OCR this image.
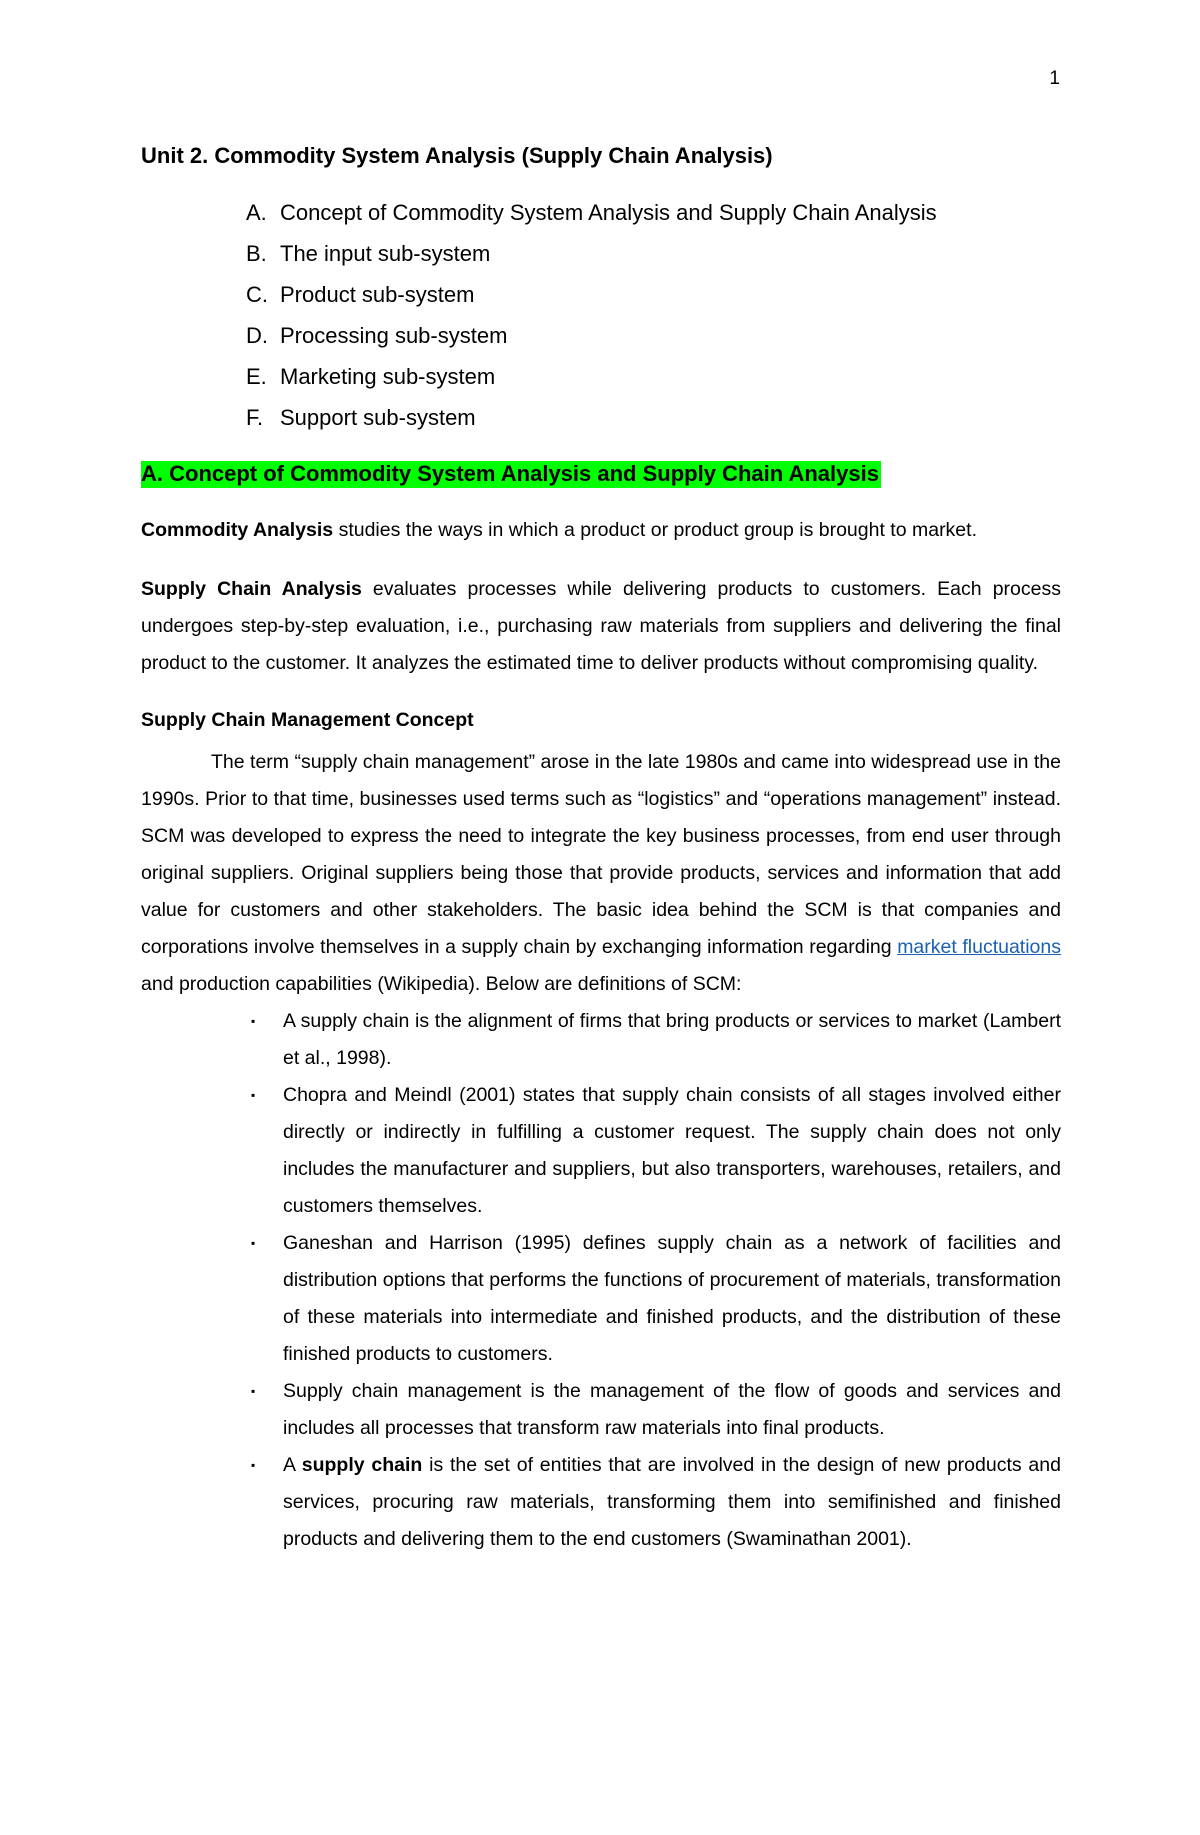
1
Unit 2. Commodity System Analysis (Supply Chain Analysis)
A. Concept of Commodity System Analysis and Supply Chain Analysis
B. The input sub-system
C. Product sub-system
D. Processing sub-system
E. Marketing sub-system
F. Support sub-system
A. Concept of Commodity System Analysis and Supply Chain Analysis

Commodity Analysis studies the ways in which a product or product group is brought to market.

Supply Chain Analysis evaluates processes while delivering products to customers. Each process undergoes step-by-step evaluation, i.e., purchasing raw materials from suppliers and delivering the final product to the customer. It analyzes the estimated time to deliver products without compromising quality.

Supply Chain Management Concept

The term “supply chain management” arose in the late 1980s and came into widespread use in the 1990s. Prior to that time, businesses used terms such as “logistics” and “operations management” instead. SCM was developed to express the need to integrate the key business processes, from end user through original suppliers. Original suppliers being those that provide products, services and information that add value for customers and other stakeholders. The basic idea behind the SCM is that companies and corporations involve themselves in a supply chain by exchanging information regarding market fluctuations and production capabilities (Wikipedia). Below are definitions of SCM:

▪ A supply chain is the alignment of firms that bring products or services to market (Lambert et al., 1998).
▪ Chopra and Meindl (2001) states that supply chain consists of all stages involved either directly or indirectly in fulfilling a customer request. The supply chain does not only includes the manufacturer and suppliers, but also transporters, warehouses, retailers, and customers themselves.
▪ Ganeshan and Harrison (1995) defines supply chain as a network of facilities and distribution options that performs the functions of procurement of materials, transformation of these materials into intermediate and finished products, and the distribution of these finished products to customers.
▪ Supply chain management is the management of the flow of goods and services and includes all processes that transform raw materials into final products.
▪ A supply chain is the set of entities that are involved in the design of new products and services, procuring raw materials, transforming them into semifinished and finished products and delivering them to the end customers (Swaminathan 2001).
